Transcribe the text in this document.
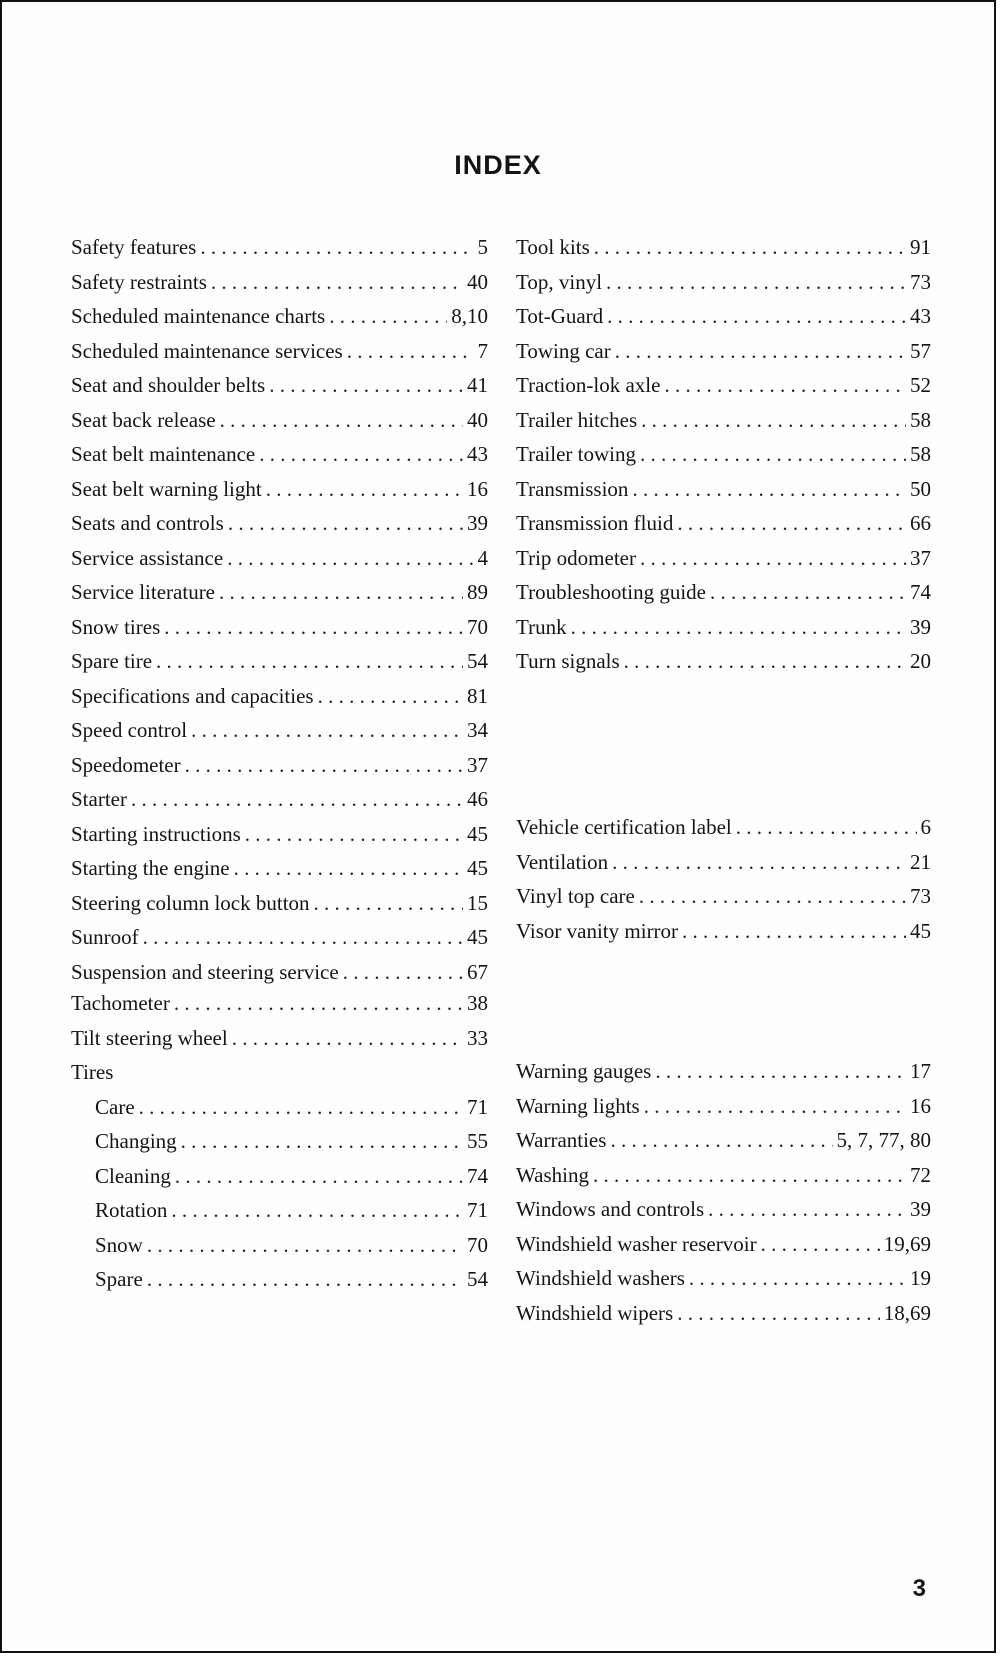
INDEX
Safety features . . .	5
Safety restraints . . .	40
Scheduled maintenance charts . . .	8,10
Scheduled maintenance services . . .	7
Seat and shoulder belts . . .	41
Seat back release . . .	40
Seat belt maintenance . . .	43
Seat belt warning light . . .	16
Seats and controls . . .	39
Service assistance . . .	4
Service literature . . .	89
Snow tires . . .	70
Spare tire . . .	54
Specifications and capacities . . .	81
Speed control . . .	34
Speedometer . . .	37
Starter . . .	46
Starting instructions . . .	45
Starting the engine . . .	45
Steering column lock button . . .	15
Sunroof . . .	45
Suspension and steering service . . .	67
Tachometer . . .	38
Tilt steering wheel . . .	33
Tires
Care . . .	71
Changing . . .	55
Cleaning . . .	74
Rotation . . .	71
Snow . . .	70
Spare . . .	54
Tool kits . . .	91
Top, vinyl . . .	73
Tot-Guard . . .	43
Towing car . . .	57
Traction-lok axle . . .	52
Trailer hitches . . .	58
Trailer towing . . .	58
Transmission . . .	50
Transmission fluid . . .	66
Trip odometer . . .	37
Troubleshooting guide . . .	74
Trunk . . .	39
Turn signals . . .	20
Vehicle certification label . . .	6
Ventilation . . .	21
Vinyl top care . . .	73
Visor vanity mirror . . .	45
Warning gauges . . .	17
Warning lights . . .	16
Warranties . . .	5, 7, 77, 80
Washing . . .	72
Windows and controls . . .	39
Windshield washer reservoir . . .	19,69
Windshield washers . . .	19
Windshield wipers . . .	18,69
3
